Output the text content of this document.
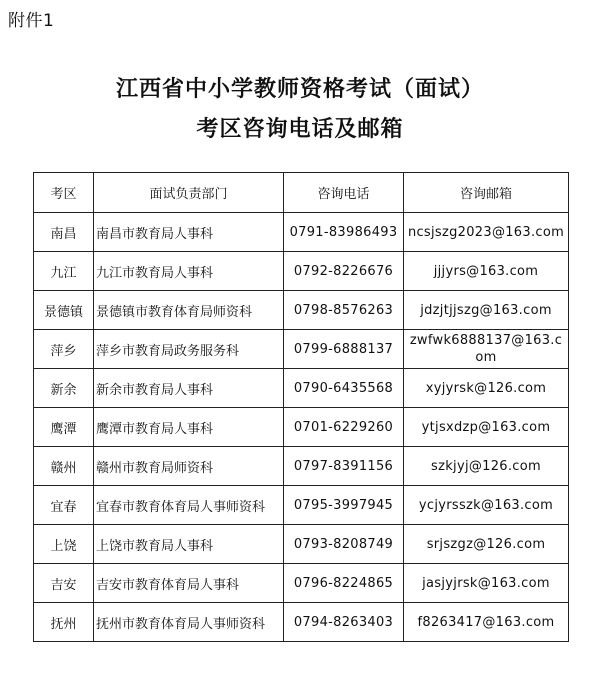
附件1
江西省中小学教师资格考试（面试）
考区咨询电话及邮箱
考区	面试负责部门	咨询电话	咨询邮箱
南昌	南昌市教育局人事科	0791-83986493	ncsjszg2023@163.com
九江	九江市教育局人事科	0792-8226676	jjjyrs@163.com
景德镇	景德镇市教育体育局师资科	0798-8576263	jdzjtjjszg@163.com
萍乡	萍乡市教育局政务服务科	0799-6888137	zwfwk6888137@163.com
新余	新余市教育局人事科	0790-6435568	xyjyrsk@126.com
鹰潭	鹰潭市教育局人事科	0701-6229260	ytjsxdzp@163.com
赣州	赣州市教育局师资科	0797-8391156	szkjyj@126.com
宜春	宜春市教育体育局人事师资科	0795-3997945	ycjyrsszk@163.com
上饶	上饶市教育局人事科	0793-8208749	srjszgz@126.com
吉安	吉安市教育体育局人事科	0796-8224865	jasjyjrsk@163.com
抚州	抚州市教育体育局人事师资科	0794-8263403	f8263417@163.com
